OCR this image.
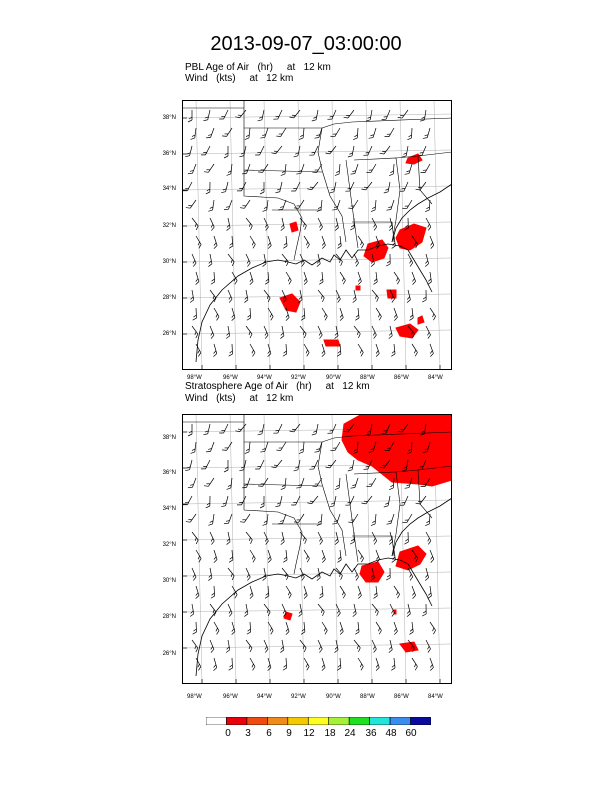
2013-09-07_03:00:00
PBL Age of Air   (hr)     at   12 km
Wind   (kts)     at   12 km
Stratosphere Age of Air   (hr)     at   12 km
Wind   (kts)     at   12 km
38°N
36°N
34°N
32°N
30°N
28°N
26°N
98°W	96°W	94°W	92°W	90°W	88°W	86°W	84°W
38°N
36°N
34°N
32°N
30°N
28°N
26°N
98°W	96°W	94°W	92°W	90°W	88°W	86°W	84°W
0	3	6	9	12 18 24 36 48 60
